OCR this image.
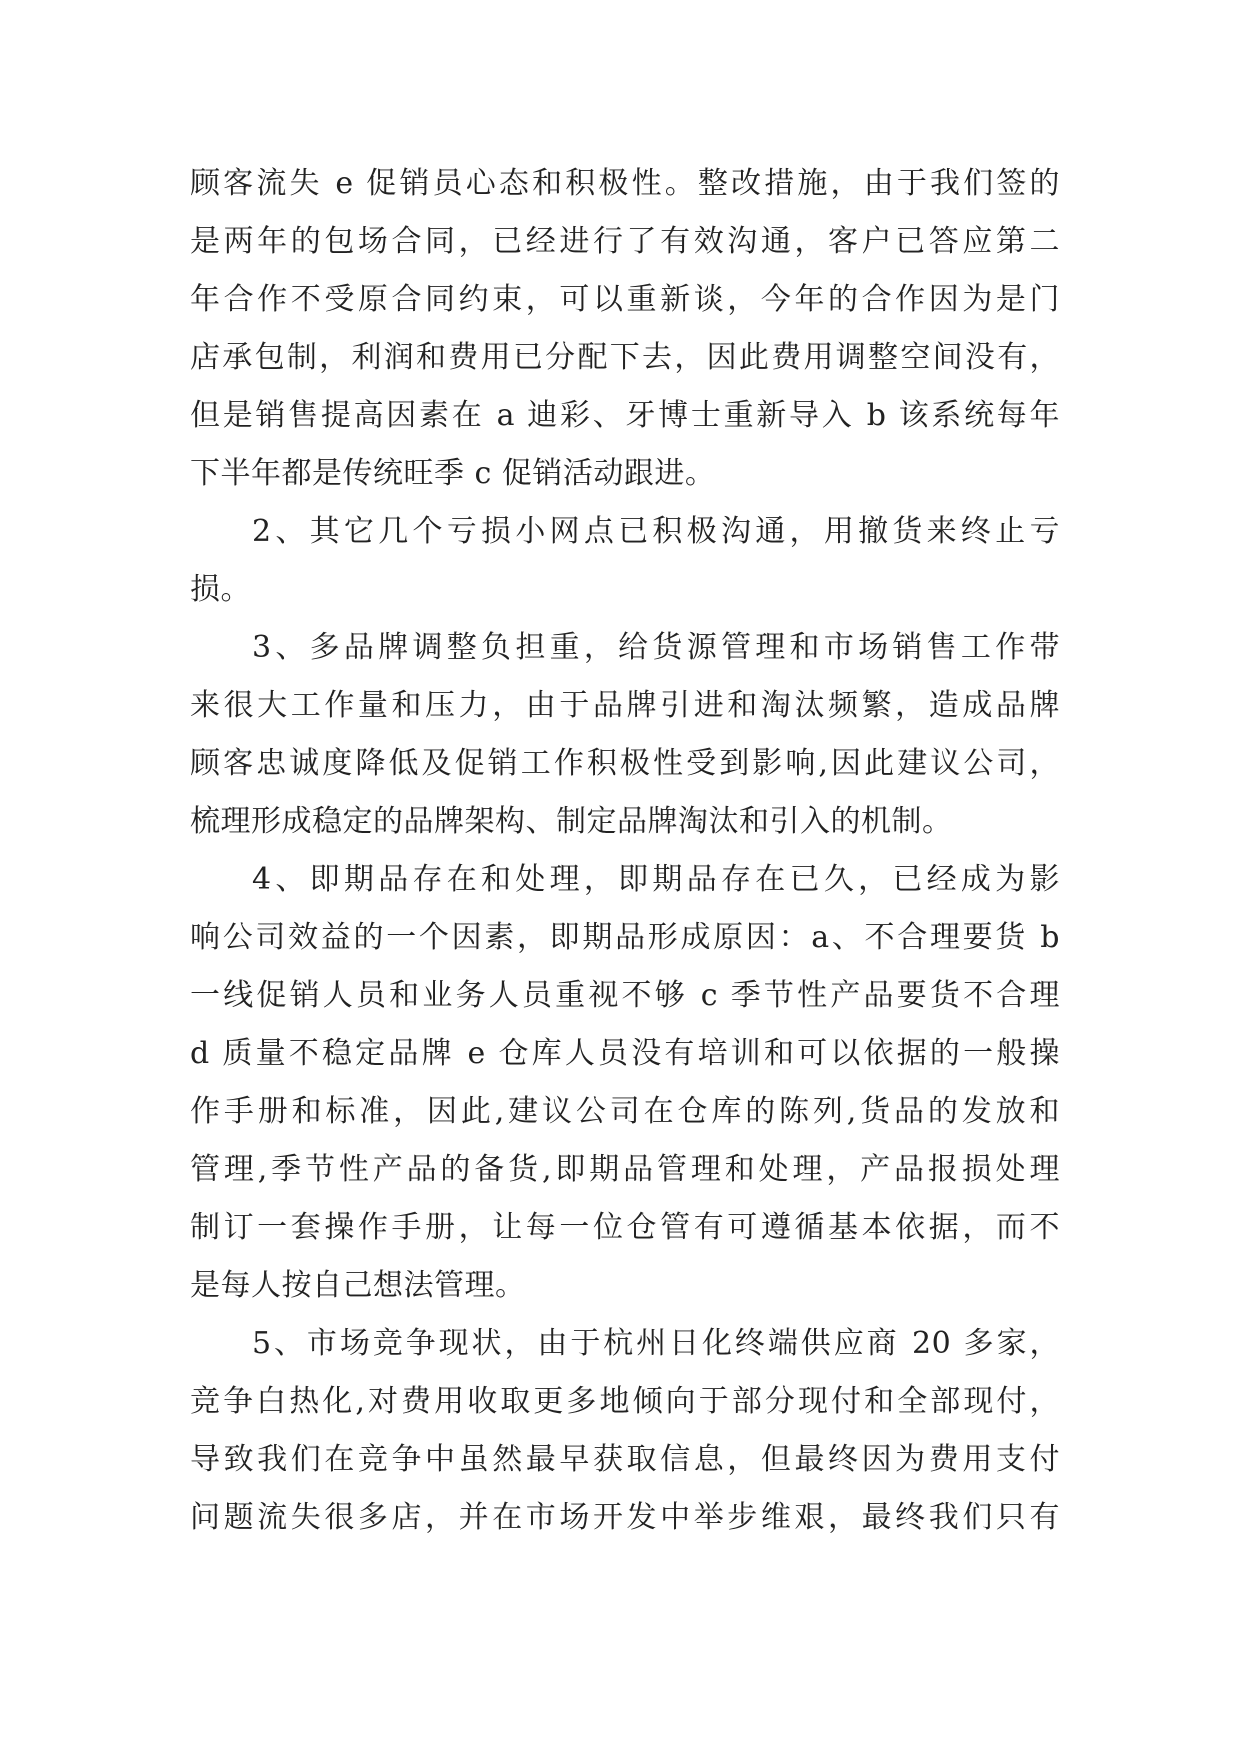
顾客流失 e 促销员心态和积极性。整改措施，由于我们签的
是两年的包场合同，已经进行了有效沟通，客户已答应第二
年合作不受原合同约束，可以重新谈，今年的合作因为是门
店承包制，利润和费用已分配下去，因此费用调整空间没有，
但是销售提高因素在 a 迪彩、牙博士重新导入 b 该系统每年
下半年都是传统旺季 c 促销活动跟进。
2、其它几个亏损小网点已积极沟通，用撤货来终止亏
损。
3、多品牌调整负担重，给货源管理和市场销售工作带
来很大工作量和压力，由于品牌引进和淘汰频繁，造成品牌
顾客忠诚度降低及促销工作积极性受到影响,因此建议公司，
梳理形成稳定的品牌架构、制定品牌淘汰和引入的机制。
4、即期品存在和处理，即期品存在已久，已经成为影
响公司效益的一个因素，即期品形成原因：a、不合理要货 b
一线促销人员和业务人员重视不够 c 季节性产品要货不合理
d 质量不稳定品牌 e 仓库人员没有培训和可以依据的一般操
作手册和标准，因此,建议公司在仓库的陈列,货品的发放和
管理,季节性产品的备货,即期品管理和处理，产品报损处理
制订一套操作手册，让每一位仓管有可遵循基本依据，而不
是每人按自己想法管理。
5、市场竞争现状，由于杭州日化终端供应商 20 多家，
竞争白热化,对费用收取更多地倾向于部分现付和全部现付，
导致我们在竞争中虽然最早获取信息，但最终因为费用支付
问题流失很多店，并在市场开发中举步维艰，最终我们只有
